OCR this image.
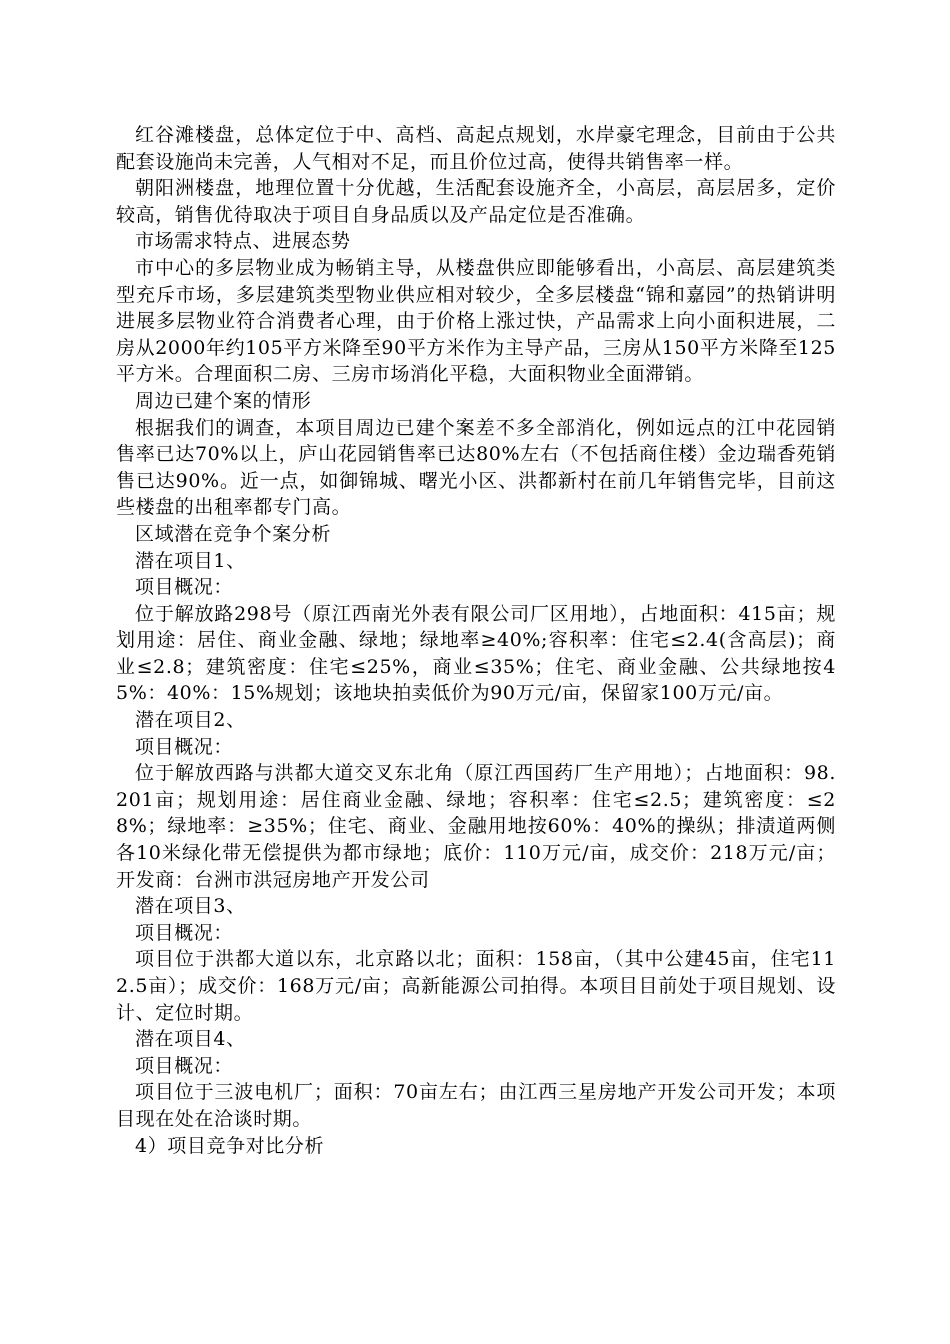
红谷滩楼盘，总体定位于中、高档、高起点规划，水岸豪宅理念，目前由于公共配套设施尚未完善，人气相对不足，而且价位过高，使得共销售率一样。

朝阳洲楼盘，地理位置十分优越，生活配套设施齐全，小高层，高层居多，定价较高，销售优待取决于项目自身品质以及产品定位是否准确。

市场需求特点、进展态势

市中心的多层物业成为畅销主导，从楼盘供应即能够看出，小高层、高层建筑类型充斥市场，多层建筑类型物业供应相对较少，全多层楼盘“锦和嘉园”的热销讲明进展多层物业符合消费者心理，由于价格上涨过快，产品需求上向小面积进展，二房从2000年约105平方米降至90平方米作为主导产品，三房从150平方米降至125平方米。合理面积二房、三房市场消化平稳，大面积物业全面滞销。

周边已建个案的情形

根据我们的调查，本项目周边已建个案差不多全部消化，例如远点的江中花园销售率已达70%以上，庐山花园销售率已达80%左右（不包括商住楼）金边瑞香苑销售已达90%。近一点，如御锦城、曙光小区、洪都新村在前几年销售完毕，目前这些楼盘的出租率都专门高。

区域潜在竞争个案分析

潜在项目1、

项目概况：

位于解放路298号（原江西南光外表有限公司厂区用地），占地面积：415亩；规划用途：居住、商业金融、绿地；绿地率≥40%;容积率：住宅≤2.4(含高层)；商业≤2.8；建筑密度：住宅≤25%，商业≤35%；住宅、商业金融、公共绿地按45%：40%：15%规划；该地块拍卖低价为90万元/亩，保留家100万元/亩。

潜在项目2、

项目概况：

位于解放西路与洪都大道交叉东北角（原江西国药厂生产用地）；占地面积：98.201亩；规划用途：居住商业金融、绿地；容积率：住宅≤2.5；建筑密度：≤28%；绿地率：≥35%；住宅、商业、金融用地按60%：40%的操纵；排渍道两侧各10米绿化带无偿提供为都市绿地；底价：110万元/亩，成交价：218万元/亩；开发商：台洲市洪冠房地产开发公司

潜在项目3、

项目概况：

项目位于洪都大道以东，北京路以北；面积：158亩，（其中公建45亩，住宅112.5亩）；成交价：168万元/亩；高新能源公司拍得。本项目目前处于项目规划、设计、定位时期。

潜在项目4、

项目概况：

项目位于三波电机厂；面积：70亩左右；由江西三星房地产开发公司开发；本项目现在处在洽谈时期。

4）项目竞争对比分析
